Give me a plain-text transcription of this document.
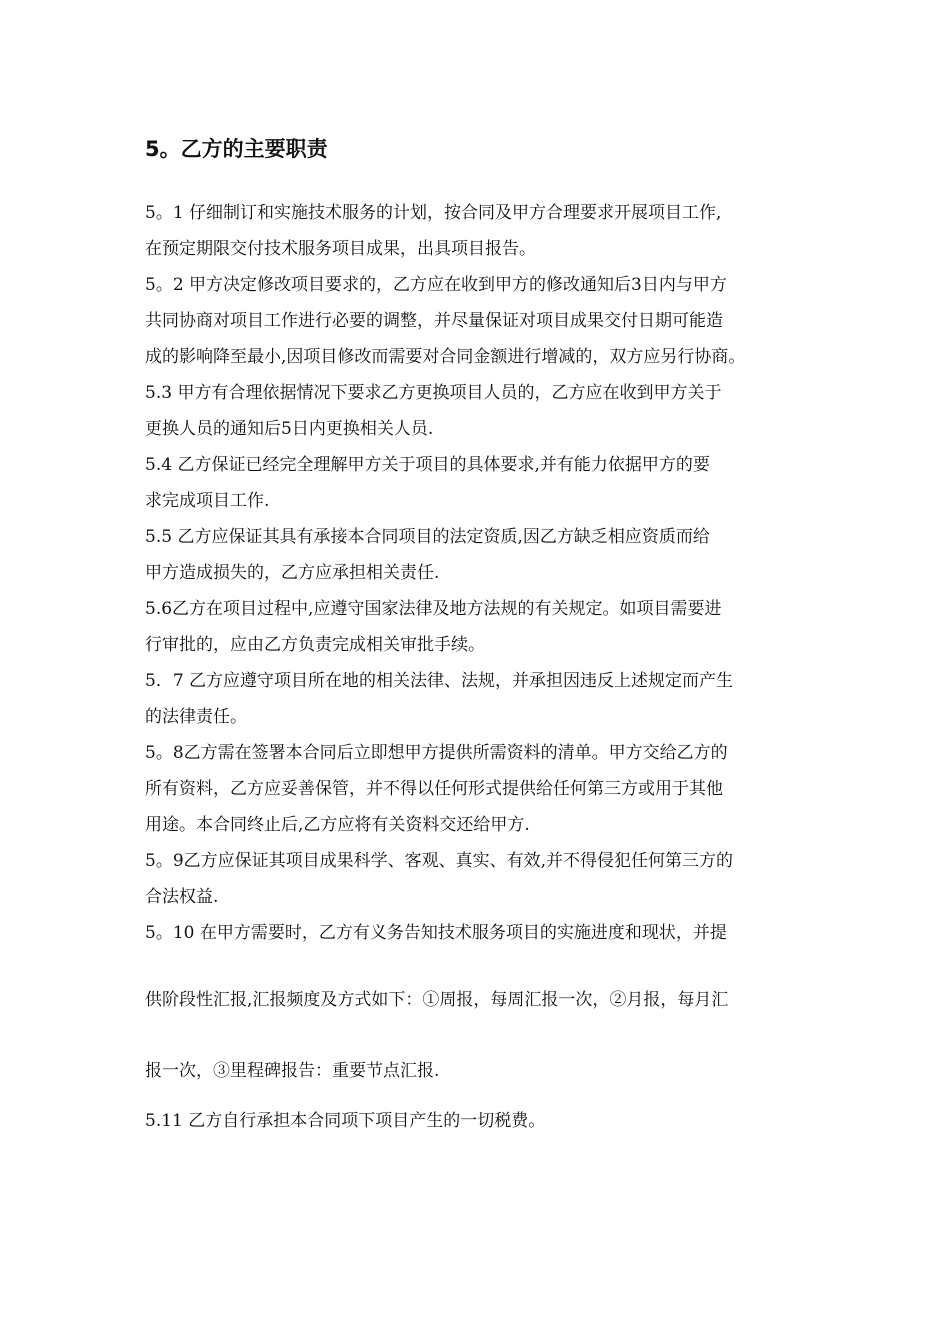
5。乙方的主要职责
5。1 仔细制订和实施技术服务的计划，按合同及甲方合理要求开展项目工作,
在预定期限交付技术服务项目成果，出具项目报告。
5。2 甲方决定修改项目要求的，乙方应在收到甲方的修改通知后3日内与甲方
共同协商对项目工作进行必要的调整，并尽量保证对项目成果交付日期可能造
成的影响降至最小,因项目修改而需要对合同金额进行增减的，双方应另行协商。
5.3 甲方有合理依据情况下要求乙方更换项目人员的，乙方应在收到甲方关于
更换人员的通知后5日内更换相关人员.
5.4 乙方保证已经完全理解甲方关于项目的具体要求,并有能力依据甲方的要
求完成项目工作.
5.5 乙方应保证其具有承接本合同项目的法定资质,因乙方缺乏相应资质而给
甲方造成损失的，乙方应承担相关责任.
5.6乙方在项目过程中,应遵守国家法律及地方法规的有关规定。如项目需要进
行审批的，应由乙方负责完成相关审批手续。
5．7 乙方应遵守项目所在地的相关法律、法规，并承担因违反上述规定而产生
的法律责任。
5。8乙方需在签署本合同后立即想甲方提供所需资料的清单。甲方交给乙方的
所有资料，乙方应妥善保管，并不得以任何形式提供给任何第三方或用于其他
用途。本合同终止后,乙方应将有关资料交还给甲方.
5。9乙方应保证其项目成果科学、客观、真实、有效,并不得侵犯任何第三方的
合法权益.
5。10 在甲方需要时，乙方有义务告知技术服务项目的实施进度和现状，并提
供阶段性汇报,汇报频度及方式如下：①周报，每周汇报一次，②月报，每月汇
报一次，③里程碑报告：重要节点汇报.
5.11 乙方自行承担本合同项下项目产生的一切税费。
